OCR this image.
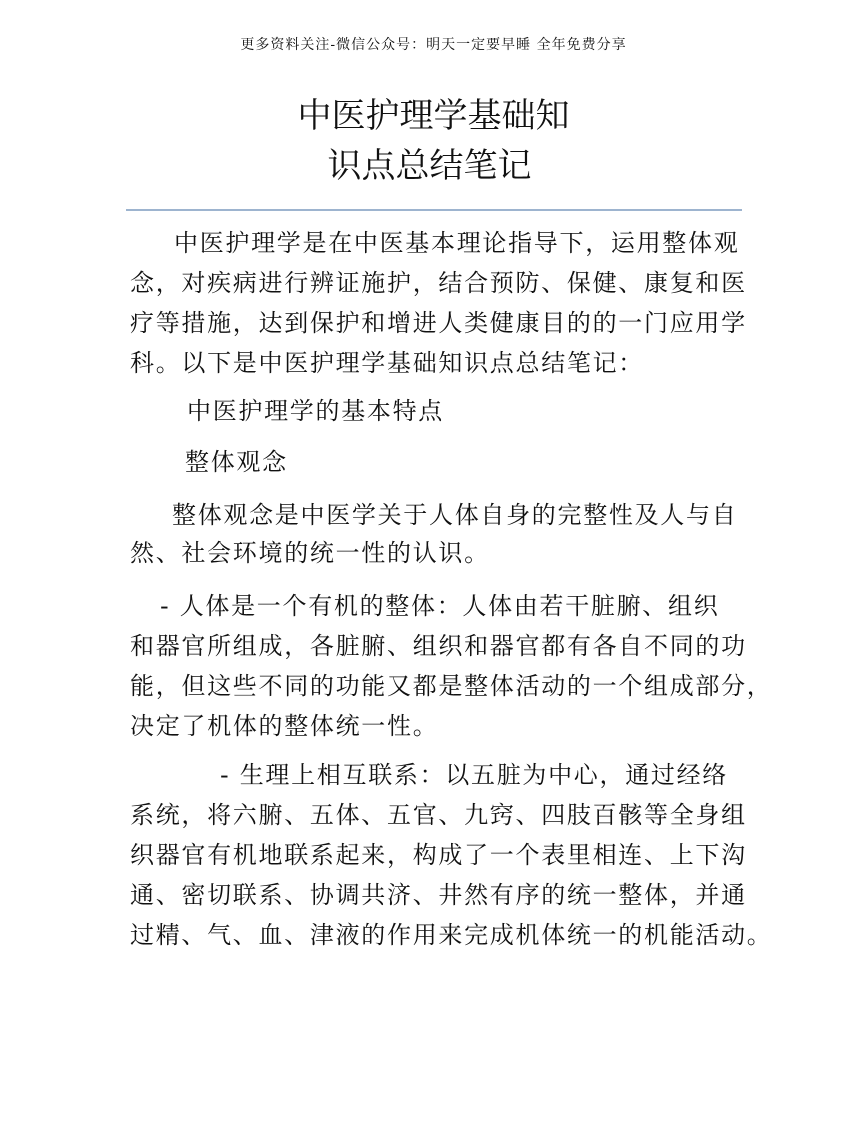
更多资料关注-微信公众号：明天一定要早睡 全年免费分享
中医护理学基础知
识点总结笔记
中医护理学是在中医基本理论指导下，运用整体观
念，对疾病进行辨证施护，结合预防、保健、康复和医
疗等措施，达到保护和增进人类健康目的的一门应用学
科。以下是中医护理学基础知识点总结笔记：
中医护理学的基本特点
整体观念
整体观念是中医学关于人体自身的完整性及人与自
然、社会环境的统一性的认识。
- 人体是一个有机的整体：人体由若干脏腑、组织
和器官所组成，各脏腑、组织和器官都有各自不同的功
能，但这些不同的功能又都是整体活动的一个组成部分，
决定了机体的整体统一性。
- 生理上相互联系：以五脏为中心，通过经络
系统，将六腑、五体、五官、九窍、四肢百骸等全身组
织器官有机地联系起来，构成了一个表里相连、上下沟
通、密切联系、协调共济、井然有序的统一整体，并通
过精、气、血、津液的作用来完成机体统一的机能活动。
